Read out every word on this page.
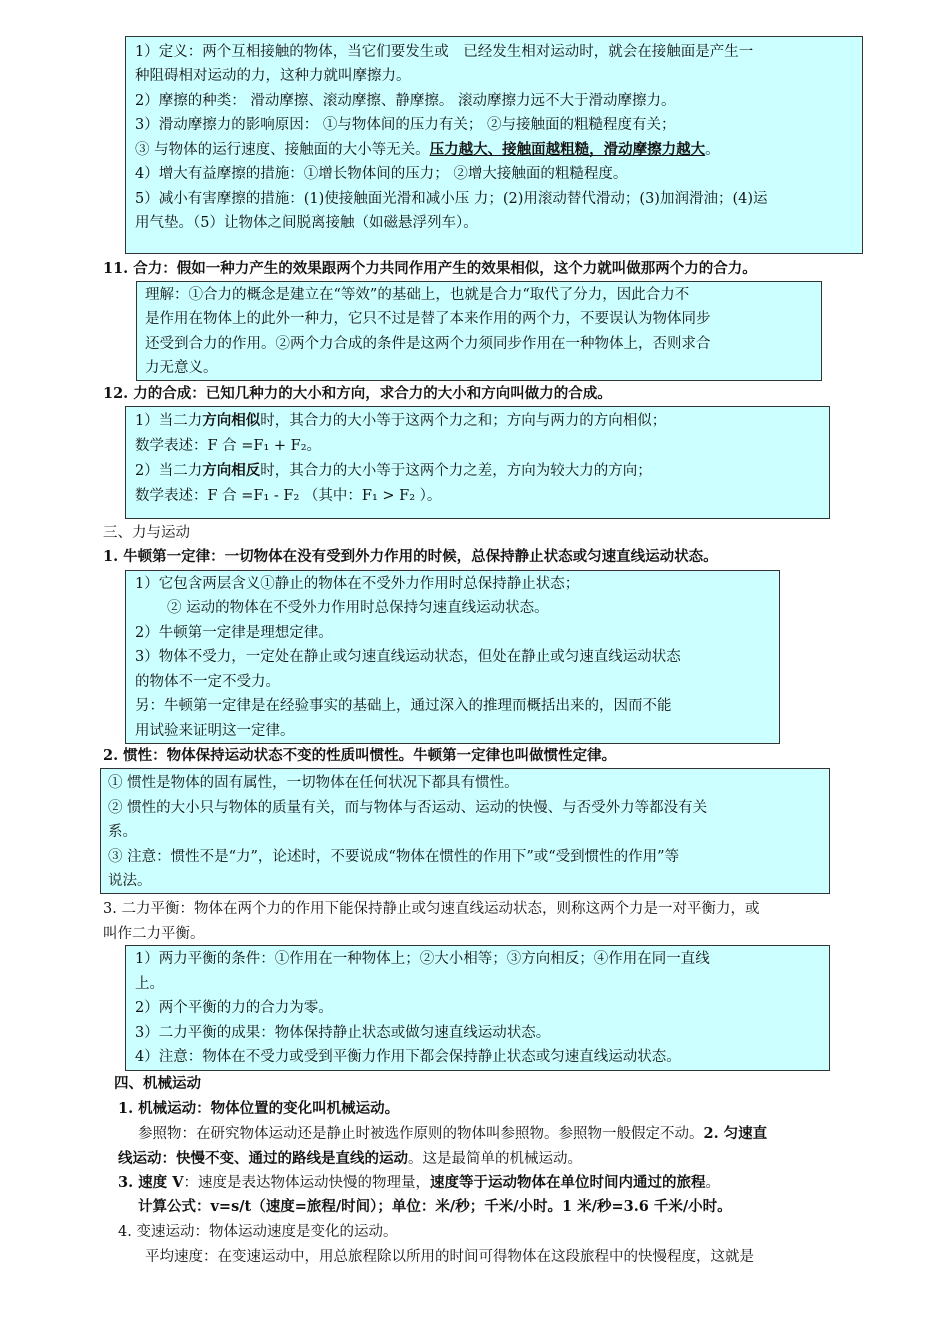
1）定义：两个互相接触的物体，当它们要发生或　已经发生相对运动时，就会在接触面是产生一
种阻碍相对运动的力，这种力就叫摩擦力。
2）摩擦的种类： 滑动摩擦、滚动摩擦、静摩擦。 滚动摩擦力远不大于滑动摩擦力。
3）滑动摩擦力的影响原因： ①与物体间的压力有关； ②与接触面的粗糙程度有关；
③ 与物体的运行速度、接触面的大小等无关。压力越大、接触面越粗糙，滑动摩擦力越大。
4）增大有益摩擦的措施：①增长物体间的压力； ②增大接触面的粗糙程度。
5）减小有害摩擦的措施：(1)使接触面光滑和减小压 力；(2)用滚动替代滑动；(3)加润滑油；(4)运
用气垫。（5）让物体之间脱离接触（如磁悬浮列车）。
11. 合力：假如一种力产生的效果跟两个力共同作用产生的效果相似，这个力就叫做那两个力的合力。
理解：①合力的概念是建立在“等效”的基础上，也就是合力“取代了分力，因此合力不
是作用在物体上的此外一种力，它只不过是替了本来作用的两个力，不要误认为物体同步
还受到合力的作用。②两个力合成的条件是这两个力须同步作用在一种物体上，否则求合
力无意义。
12. 力的合成：已知几种力的大小和方向，求合力的大小和方向叫做力的合成。
1）当二力方向相似时，其合力的大小等于这两个力之和；方向与两力的方向相似；
数学表述：F 合 =F₁ + F₂。
2）当二力方向相反时，其合力的大小等于这两个力之差，方向为较大力的方向；
数学表述：F 合 =F₁ - F₂ （其中：F₁ > F₂ ）。
三、力与运动
1. 牛顿第一定律：一切物体在没有受到外力作用的时候，总保持静止状态或匀速直线运动状态。
1）它包含两层含义①静止的物体在不受外力作用时总保持静止状态；
② 运动的物体在不受外力作用时总保持匀速直线运动状态。
2）牛顿第一定律是理想定律。
3）物体不受力，一定处在静止或匀速直线运动状态，但处在静止或匀速直线运动状态
的物体不一定不受力。
另：牛顿第一定律是在经验事实的基础上，通过深入的推理而概括出来的，因而不能
用试验来证明这一定律。
2. 惯性：物体保持运动状态不变的性质叫惯性。牛顿第一定律也叫做惯性定律。
① 惯性是物体的固有属性，一切物体在任何状况下都具有惯性。
② 惯性的大小只与物体的质量有关，而与物体与否运动、运动的快慢、与否受外力等都没有关
系。
③ 注意：惯性不是“力”，论述时，不要说成“物体在惯性的作用下”或“受到惯性的作用”等
说法。
3. 二力平衡：物体在两个力的作用下能保持静止或匀速直线运动状态，则称这两个力是一对平衡力，或
叫作二力平衡。
1）两力平衡的条件：①作用在一种物体上；②大小相等；③方向相反；④作用在同一直线
上。
2）两个平衡的力的合力为零。
3）二力平衡的成果：物体保持静止状态或做匀速直线运动状态。
4）注意：物体在不受力或受到平衡力作用下都会保持静止状态或匀速直线运动状态。
四、机械运动
1. 机械运动：物体位置的变化叫机械运动。
参照物：在研究物体运动还是静止时被选作原则的物体叫参照物。参照物一般假定不动。2. 匀速直
线运动：快慢不变、通过的路线是直线的运动。这是最简单的机械运动。
3. 速度 V：速度是表达物体运动快慢的物理量，速度等于运动物体在单位时间内通过的旅程。
计算公式：v=s/t（速度=旅程/时间）；单位：米/秒；千米/小时。1 米/秒=3.6 千米/小时。
4. 变速运动：物体运动速度是变化的运动。
平均速度：在变速运动中，用总旅程除以所用的时间可得物体在这段旅程中的快慢程度，这就是
